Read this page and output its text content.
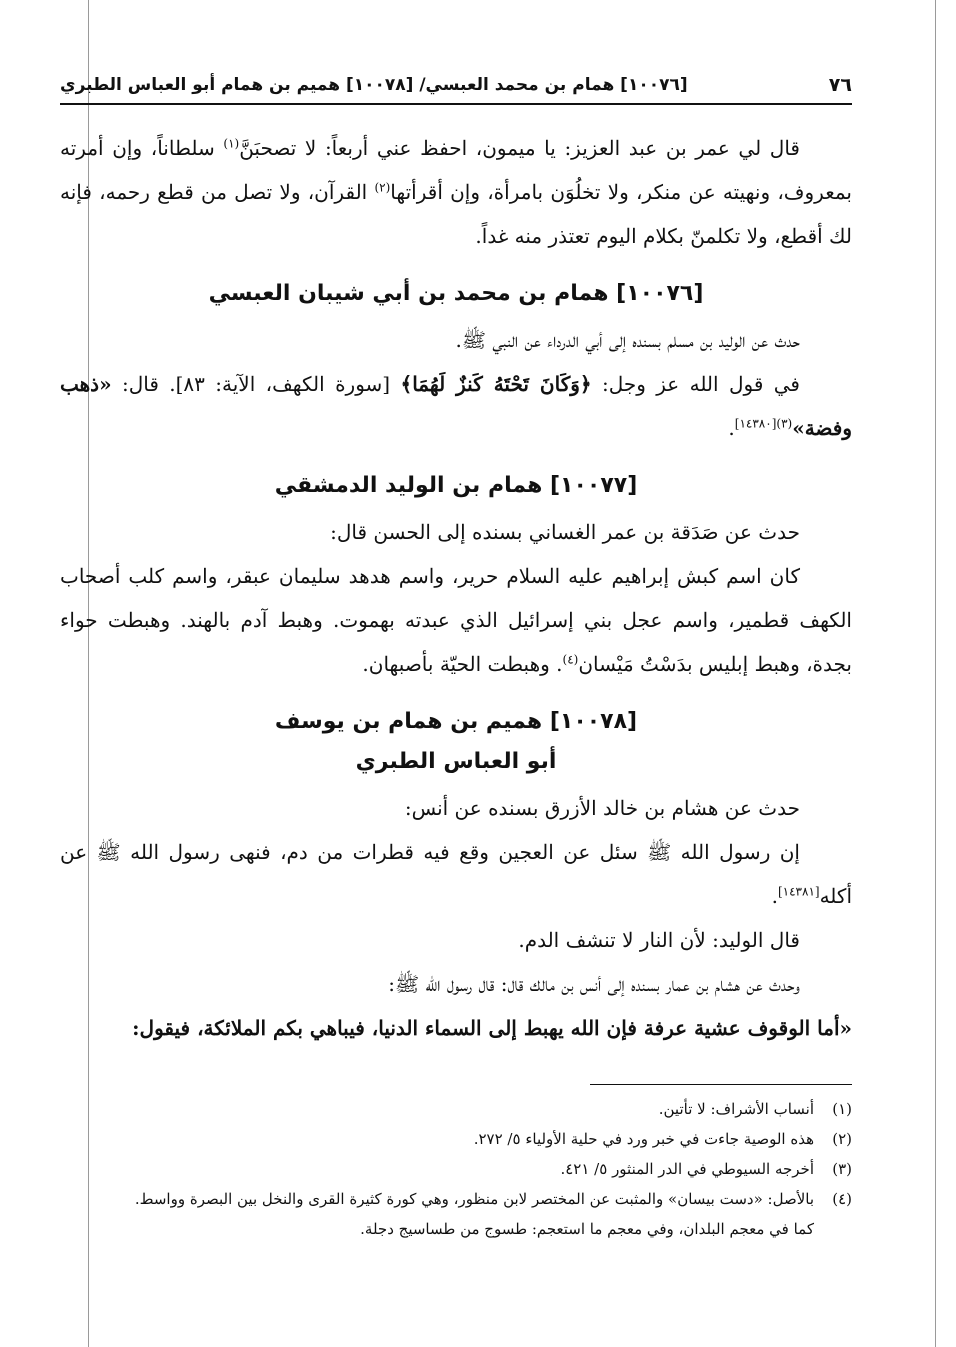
٧٦
[١٠٠٧٦] همام بن محمد العبسي/ [١٠٠٧٨] هميم بن همام أبو العباس الطبري

قال لي عمر بن عبد العزيز: يا ميمون، احفظ عني أربعاً: لا تصحبَنَّ$^{(١)}$ سلطاناً، وإن أمرته بمعروف، ونهيته عن منكر، ولا تخلُوَن بامرأة، وإن أقرأتها$^{(٢)}$ القرآن، ولا تصل من قطع رحمه، فإنه لك أقطع، ولا تكلمنّ بكلام اليوم تعتذر منه غداً.

[١٠٠٧٦] همام بن محمد بن أبي شيبان العبسي

حدث عن الوليد بن مسلم بسنده إلى أبي الدرداء عن النبي ﷺ.

في قول الله عز وجل: ﴿وَكَانَ تَحْتَهُ كَنزٌ لَهُمَا﴾ [سورة الكهف، الآية: ٨٣]. قال: «ذهب وفضة»$^{(٣)[١٤٣٨٠]}$.

[١٠٠٧٧] همام بن الوليد الدمشقي

حدث عن صَدَقة بن عمر الغساني بسنده إلى الحسن قال:

كان اسم كبش إبراهيم عليه السلام حرير، واسم هدهد سليمان عبقر، واسم كلب أصحاب الكهف قطمير، واسم عجل بني إسرائيل الذي عبدته بهموت. وهبط آدم بالهند. وهبطت حواء بجدة، وهبط إبليس بدَسْتُ مَيْسان$^{(٤)}$. وهبطت الحيّة بأصبهان.

[١٠٠٧٨] هميم بن همام بن يوسف
أبو العباس الطبري

حدث عن هشام بن خالد الأزرق بسنده عن أنس:

إن رسول الله ﷺ سئل عن العجين وقع فيه قطرات من دم، فنهى رسول الله ﷺ عن أكله[١٤٣٨١].

قال الوليد: لأن النار لا تنشف الدم.

وحدث عن هشام بن عمار بسنده إلى أنس بن مالك قال: قال رسول الله ﷺ:

«أما الوقوف عشية عرفة فإن الله يهبط إلى السماء الدنيا، فيباهي بكم الملائكة، فيقول:

(١)
أنساب الأشراف: لا تأتين.
(٢)
هذه الوصية جاءت في خبر ورد في حلية الأولياء ٥/ ٢٧٢.
(٣)
أخرجه السيوطي في الدر المنثور ٥/ ٤٢١.
(٤)
بالأصل: «دست بيسان» والمثبت عن المختصر لابن منظور، وهي كورة كثيرة القرى والنخل بين البصرة وواسط.
كما في معجم البلدان، وفي معجم ما استعجم: طسوج من طساسيج دجلة.
